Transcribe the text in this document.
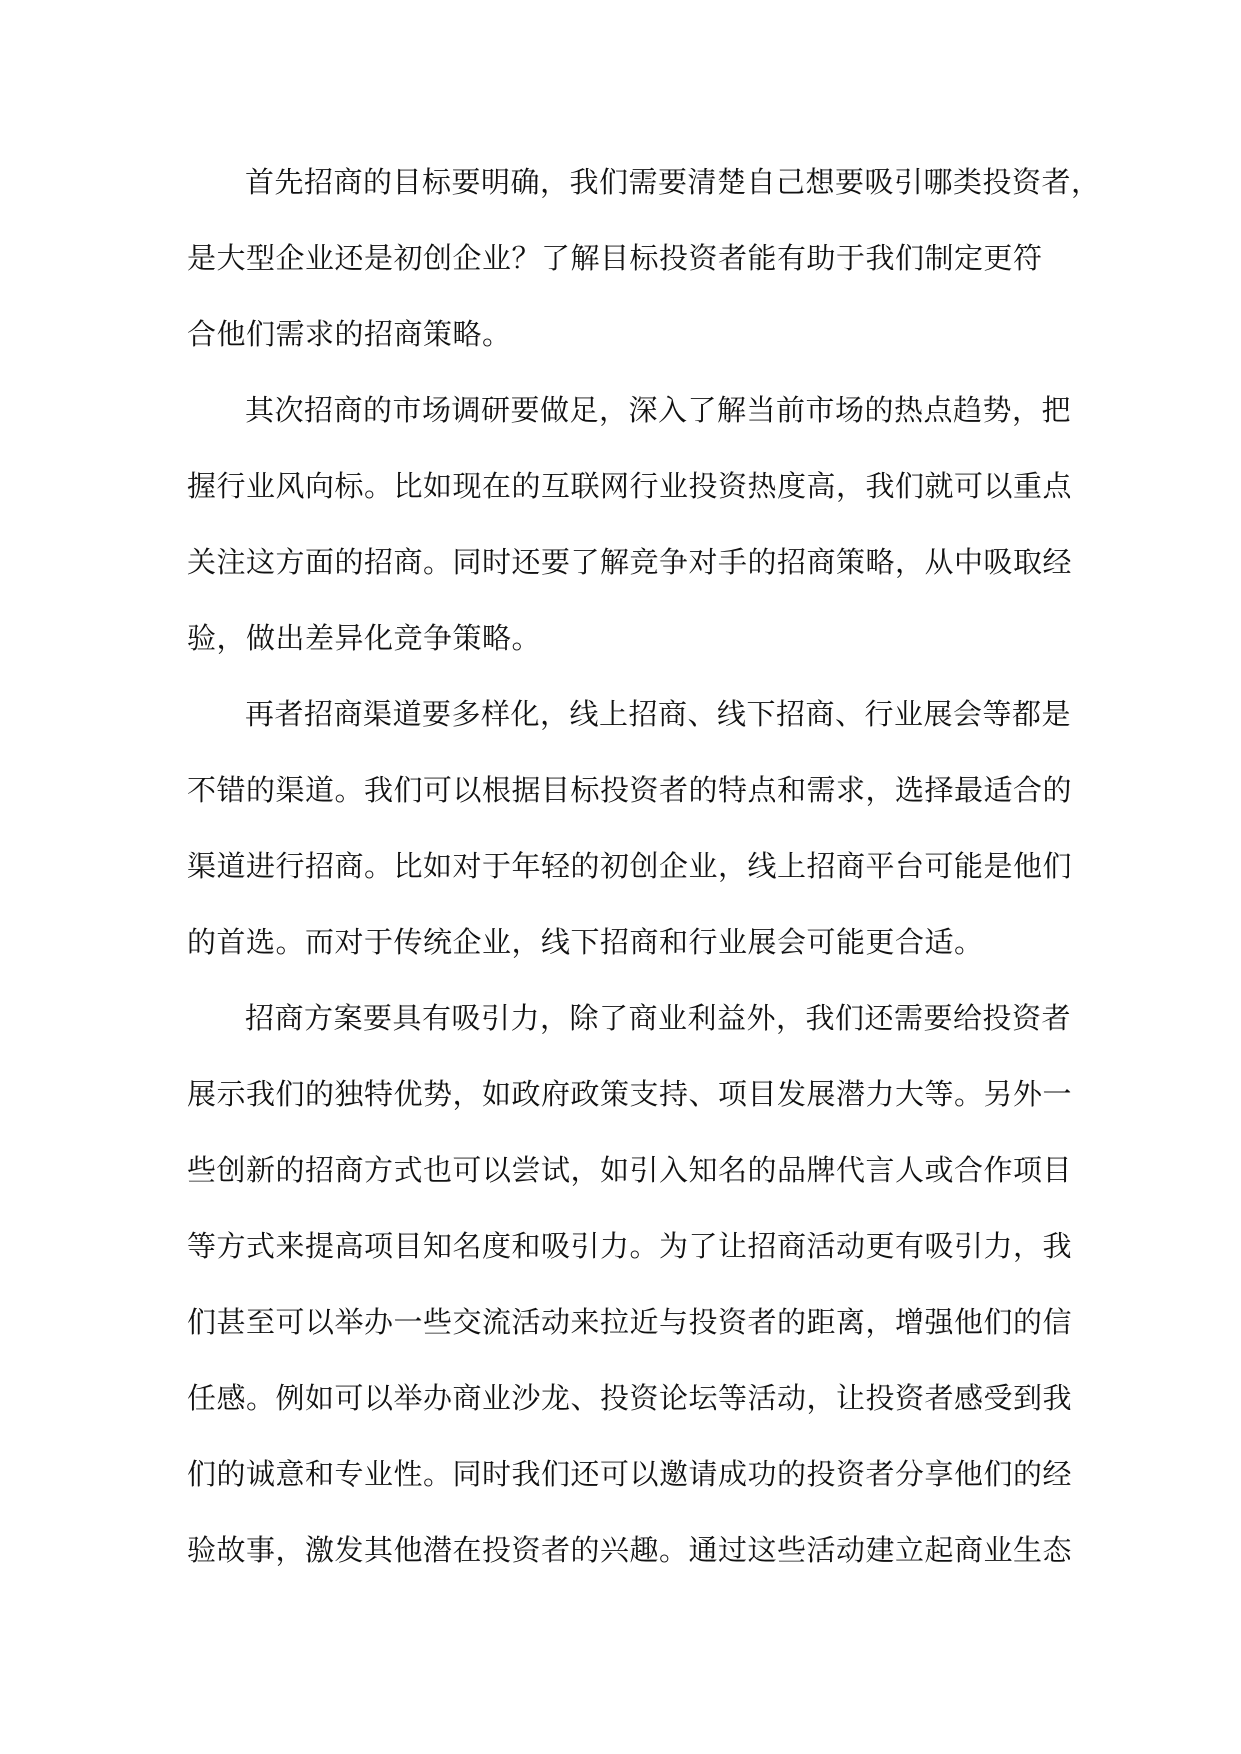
首先招商的目标要明确，我们需要清楚自己想要吸引哪类投资者，
是大型企业还是初创企业？了解目标投资者能有助于我们制定更符
合他们需求的招商策略。
其次招商的市场调研要做足，深入了解当前市场的热点趋势，把
握行业风向标。比如现在的互联网行业投资热度高，我们就可以重点
关注这方面的招商。同时还要了解竞争对手的招商策略，从中吸取经
验，做出差异化竞争策略。
再者招商渠道要多样化，线上招商、线下招商、行业展会等都是
不错的渠道。我们可以根据目标投资者的特点和需求，选择最适合的
渠道进行招商。比如对于年轻的初创企业，线上招商平台可能是他们
的首选。而对于传统企业，线下招商和行业展会可能更合适。
招商方案要具有吸引力，除了商业利益外，我们还需要给投资者
展示我们的独特优势，如政府政策支持、项目发展潜力大等。另外一
些创新的招商方式也可以尝试，如引入知名的品牌代言人或合作项目
等方式来提高项目知名度和吸引力。为了让招商活动更有吸引力，我
们甚至可以举办一些交流活动来拉近与投资者的距离，增强他们的信
任感。例如可以举办商业沙龙、投资论坛等活动，让投资者感受到我
们的诚意和专业性。同时我们还可以邀请成功的投资者分享他们的经
验故事，激发其他潜在投资者的兴趣。通过这些活动建立起商业生态
